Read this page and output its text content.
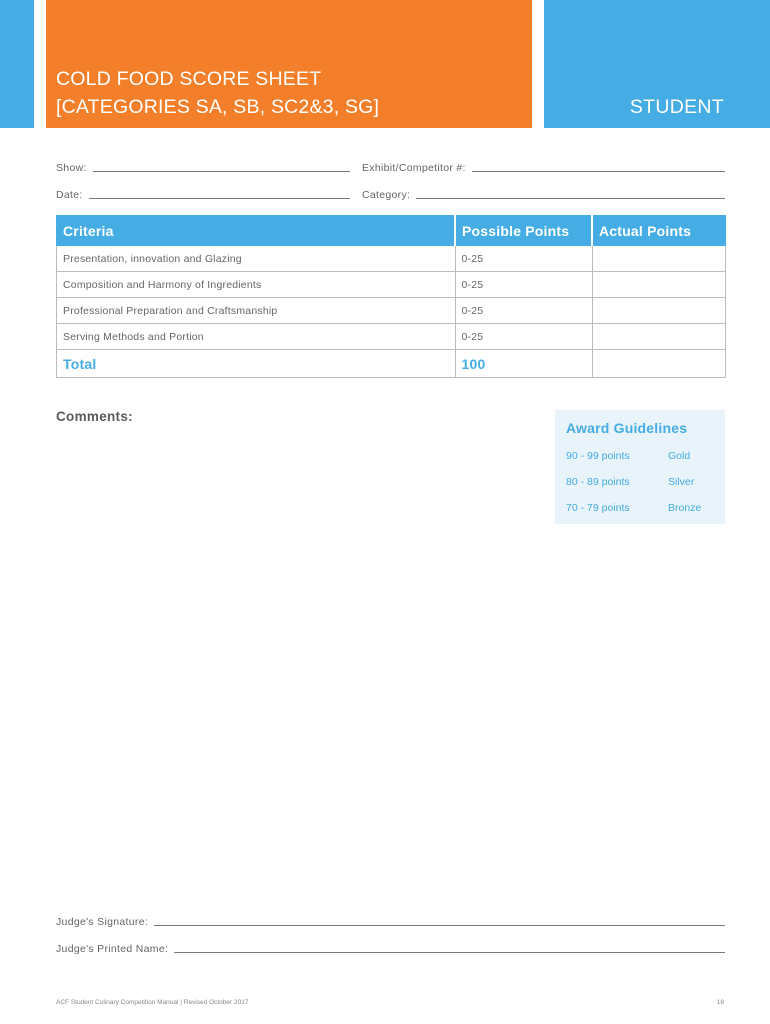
COLD FOOD SCORE SHEET
[CATEGORIES SA, SB, SC2&3, SG]	STUDENT
Show:	Exhibit/Competitor #:
Date:	Category:
Criteria	Possible Points	Actual Points
Presentation, innovation and Glazing	0-25	
Composition and Harmony of Ingredients	0-25	
Professional Preparation and Craftsmanship	0-25	
Serving Methods and Portion	0-25	
Total	100	
Comments:
Award Guidelines
90 - 99 points	Gold
80 - 89 points	Silver
70 - 79 points	Bronze
Judge's Signature:
Judge's Printed Name:
ACF Student Culinary Competition Manual | Revised October 2017	18
